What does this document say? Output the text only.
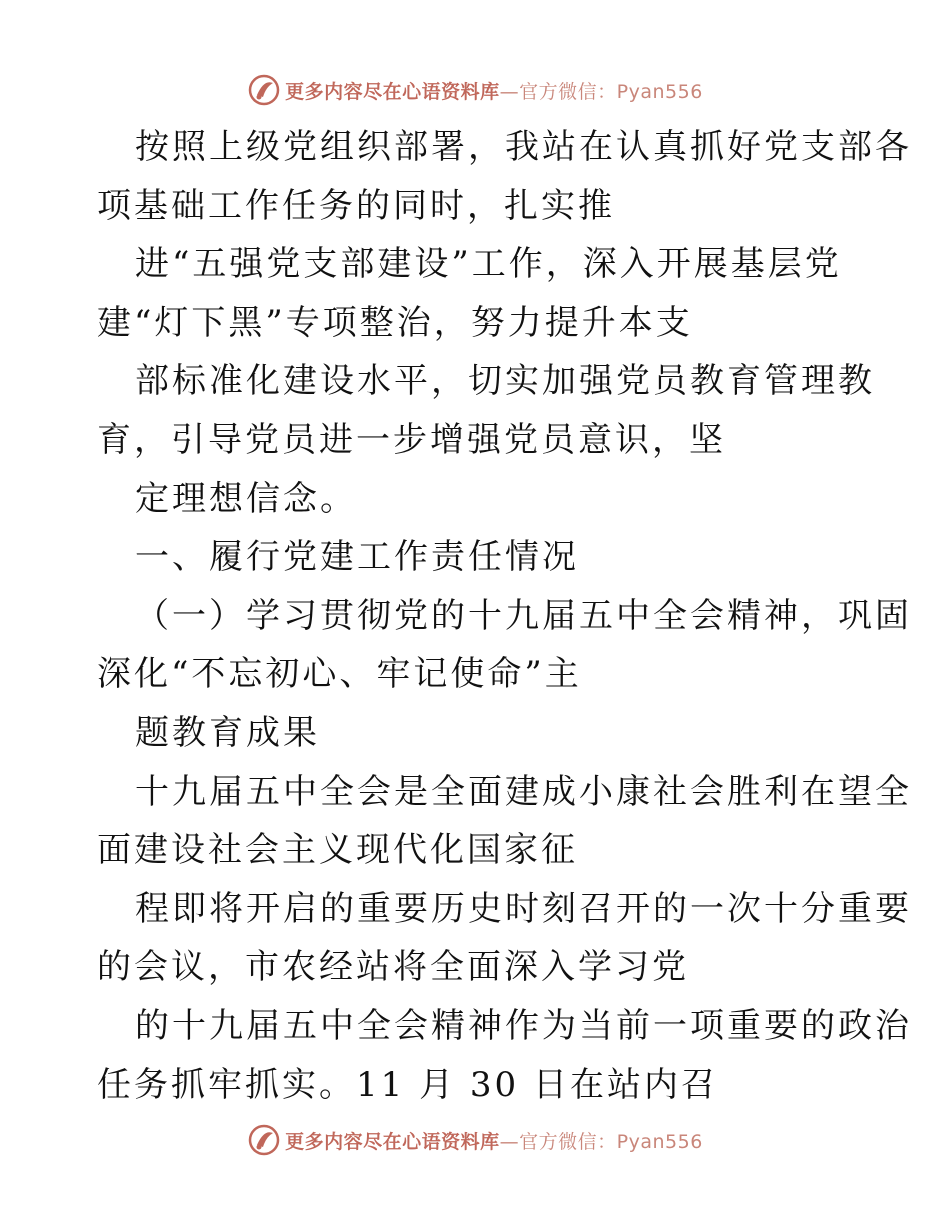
更多内容尽在心语资料库—官方微信：Pyan556
按照上级党组织部署，我站在认真抓好党支部各
项基础工作任务的同时，扎实推
进“五强党支部建设”工作，深入开展基层党
建“灯下黑”专项整治，努力提升本支
部标准化建设水平，切实加强党员教育管理教
育，引导党员进一步增强党员意识，坚
定理想信念。
一、履行党建工作责任情况
（一）学习贯彻党的十九届五中全会精神，巩固
深化“不忘初心、牢记使命”主
题教育成果
十九届五中全会是全面建成小康社会胜利在望全
面建设社会主义现代化国家征
程即将开启的重要历史时刻召开的一次十分重要
的会议，市农经站将全面深入学习党
的十九届五中全会精神作为当前一项重要的政治
任务抓牢抓实。11 月 30 日在站内召
更多内容尽在心语资料库—官方微信：Pyan556
